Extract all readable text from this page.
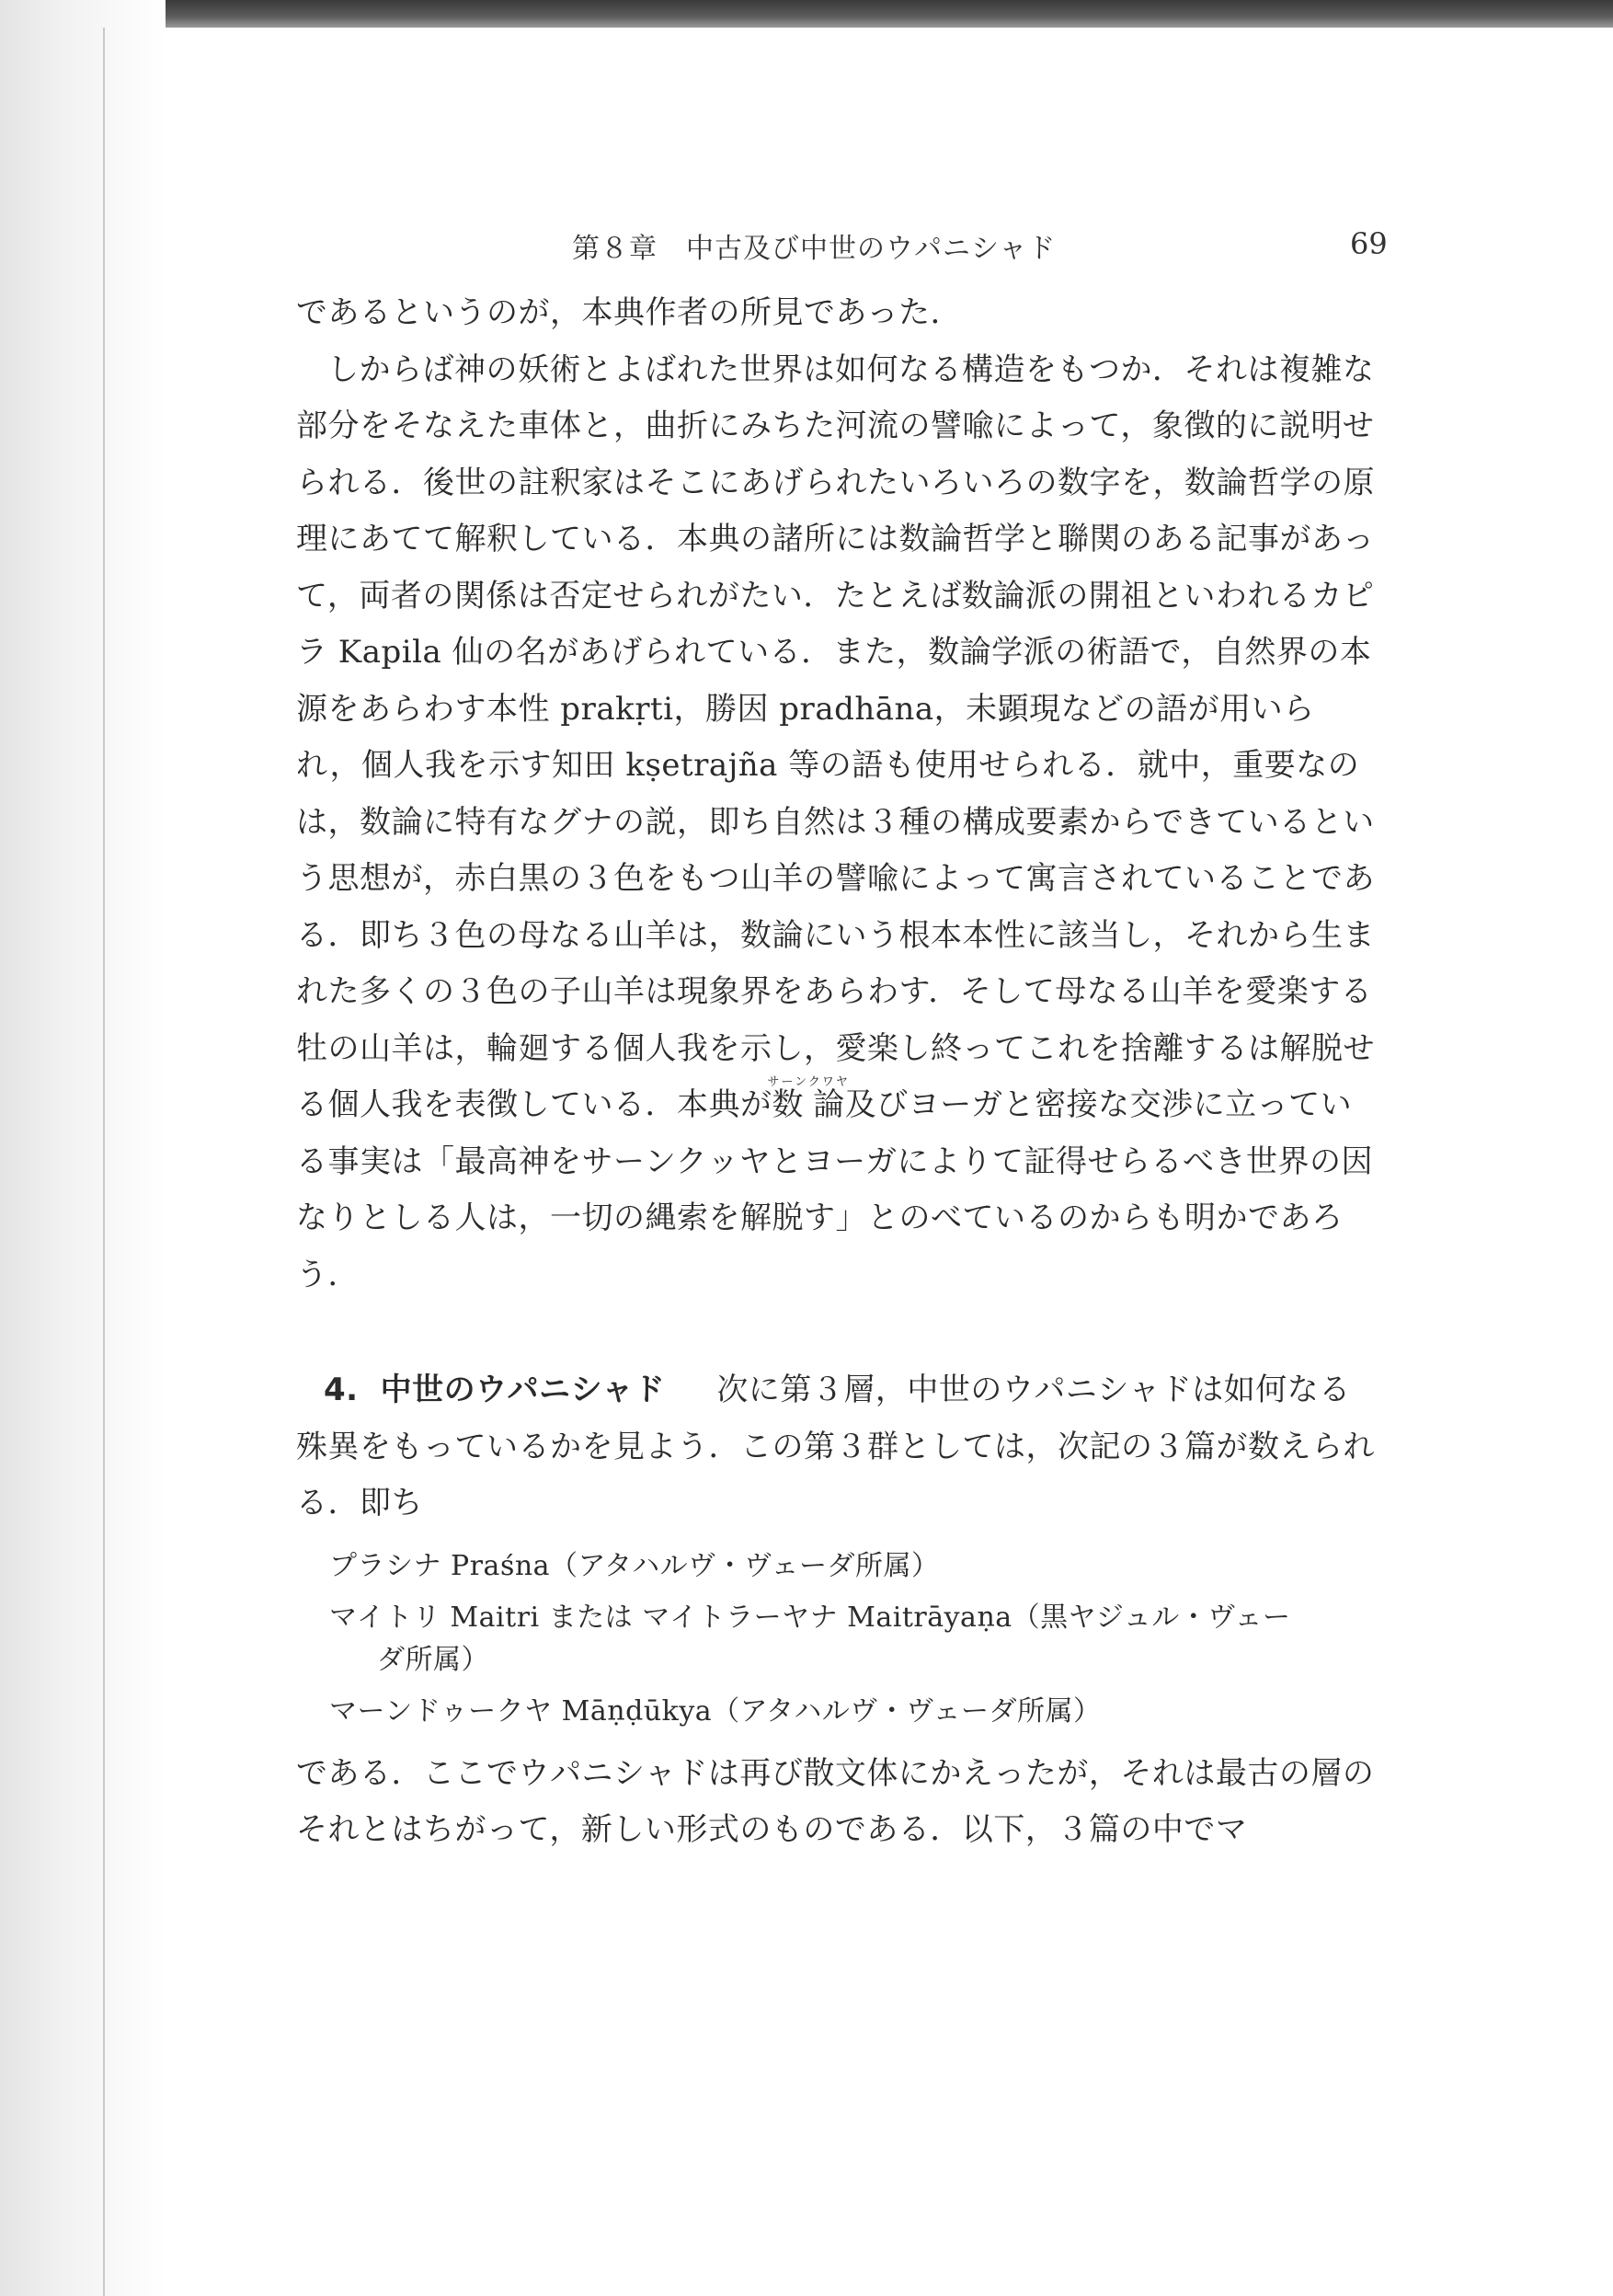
第８章　中古及び中世のウパニシャド	69

であるというのが，本典作者の所見であった．

しからば神の妖術とよばれた世界は如何なる構造をもつか．それは複雑な部分をそなえた車体と，曲折にみちた河流の譬喩によって，象徴的に説明せられる．後世の註釈家はそこにあげられたいろいろの数字を，数論哲学の原理にあてて解釈している．本典の諸所には数論哲学と聯関のある記事があって，両者の関係は否定せられがたい．たとえば数論派の開祖といわれるカピラ Kapila 仙の名があげられている．また，数論学派の術語で，自然界の本源をあらわす本性 prakṛti，勝因 pradhāna，未顕現などの語が用いられ，個人我を示す知田 kṣetrajña 等の語も使用せられる．就中，重要なのは，数論に特有なグナの説，即ち自然は３種の構成要素からできているという思想が，赤白黒の３色をもつ山羊の譬喩によって寓言されていることである．即ち３色の母なる山羊は，数論にいう根本本性に該当し，それから生まれた多くの３色の子山羊は現象界をあらわす．そして母なる山羊を愛楽する牡の山羊は，輪廻する個人我を示し，愛楽し終ってこれを捨離するは解脱せる個人我を表徴している．本典が数論サーンクワヤ及びヨーガと密接な交渉に立っている事実は「最高神をサーンクッヤとヨーガによりて証得せらるべき世界の因なりとしる人は，一切の縄索を解脱す」とのべているのからも明かであろう．

4. 中世のウパニシャド 次に第３層，中世のウパニシャドは如何なる殊異をもっているかを見よう．この第３群としては，次記の３篇が数えられる．即ち

プラシナ Praśna（アタハルヴ・ヴェーダ所属）
マイトリ Maitri または マイトラーヤナ Maitrāyaṇa（黒ヤジュル・ヴェー
ダ所属）
マーンドゥークヤ Māṇḍūkya（アタハルヴ・ヴェーダ所属）

である．ここでウパニシャドは再び散文体にかえったが，それは最古の層のそれとはちがって，新しい形式のものである．以下，３篇の中でマ
